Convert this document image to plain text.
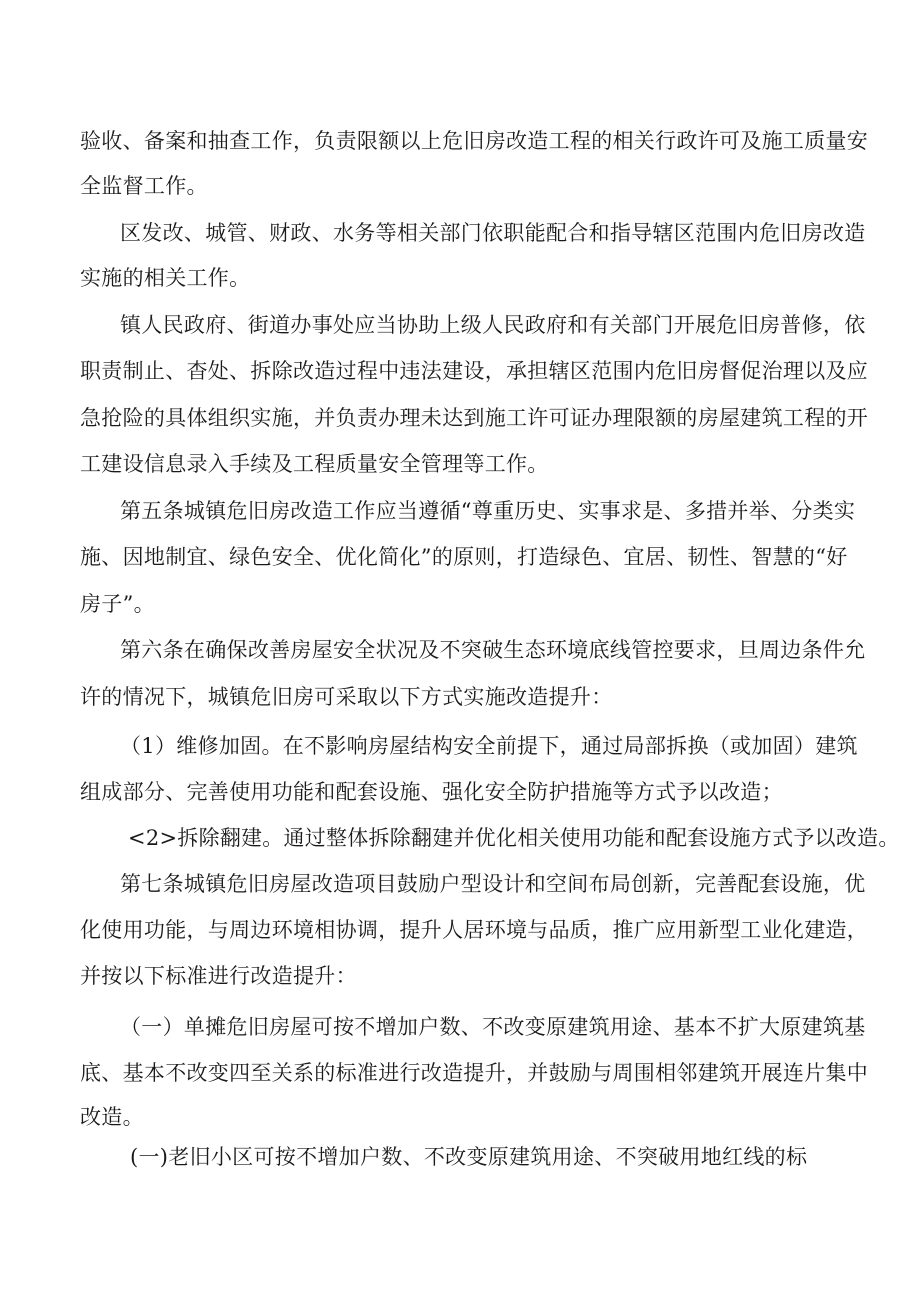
验收、备案和抽查工作，负责限额以上危旧房改造工程的相关行政许可及施工质量安
全监督工作。
区发改、城管、财政、水务等相关部门依职能配合和指导辖区范围内危旧房改造
实施的相关工作。
镇人民政府、街道办事处应当协助上级人民政府和有关部门开展危旧房普修，依
职责制止、杳处、拆除改造过程中违法建设，承担辖区范围内危旧房督促治理以及应
急抢险的具体组织实施，并负责办理未达到施工许可证办理限额的房屋建筑工程的开
工建设信息录入手续及工程质量安全管理等工作。
第五条城镇危旧房改造工作应当遵循“尊重历史、实事求是、多措并举、分类实
施、因地制宜、绿色安全、优化简化”的原则，打造绿色、宜居、韧性、智慧的“好
房子”。
第六条在确保改善房屋安全状况及不突破生态环境底线管控要求，旦周边条件允
许的情况下，城镇危旧房可采取以下方式实施改造提升：
（1）维修加固。在不影响房屋结构安全前提下，通过局部拆换（或加固）建筑
组成部分、完善使用功能和配套设施、强化安全防护措施等方式予以改造；
<2>拆除翻建。通过整体拆除翻建并优化相关使用功能和配套设施方式予以改造。
第七条城镇危旧房屋改造项目鼓励户型设计和空间布局创新，完善配套设施，优
化使用功能，与周边环境相协调，提升人居环境与品质，推广应用新型工业化建造，
并按以下标准进行改造提升：
（一）单摊危旧房屋可按不增加户数、不改变原建筑用途、基本不扩大原建筑基
底、基本不改变四至关系的标准进行改造提升，并鼓励与周围相邻建筑开展连片集中
改造。
(一)老旧小区可按不增加户数、不改变原建筑用途、不突破用地红线的标
